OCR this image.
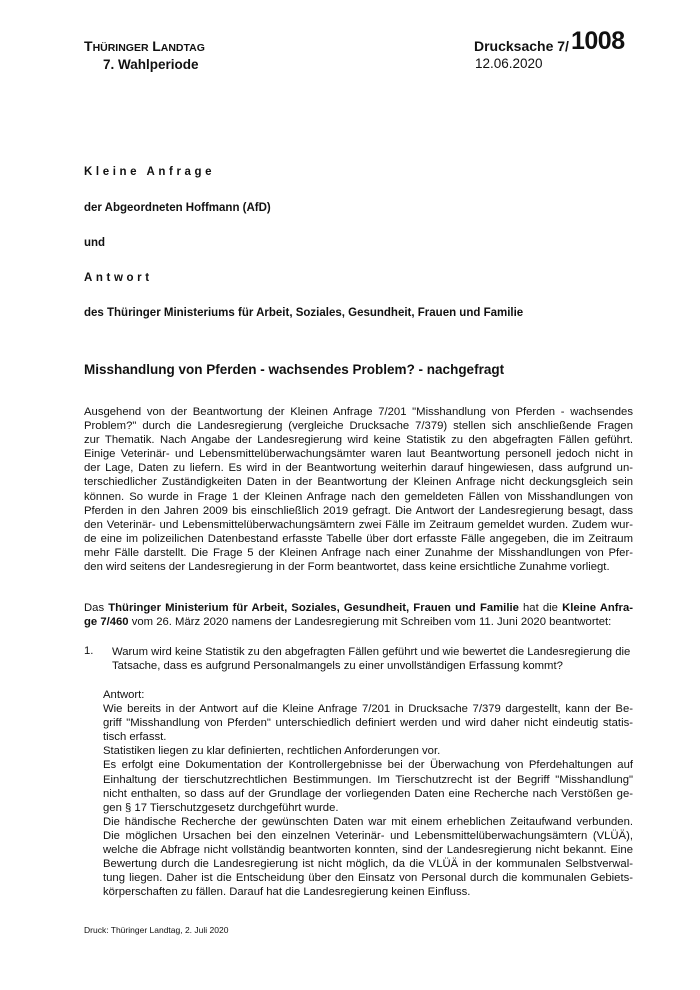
THÜRINGER LANDTAG
7. Wahlperiode
Drucksache 7/ 1008
12.06.2020
Kleine Anfrage
der Abgeordneten Hoffmann (AfD)
und
Antwort
des Thüringer Ministeriums für Arbeit, Soziales, Gesundheit, Frauen und Familie
Misshandlung von Pferden - wachsendes Problem? - nachgefragt
Ausgehend von der Beantwortung der Kleinen Anfrage 7/201 "Misshandlung von Pferden - wachsendes
Problem?" durch die Landesregierung (vergleiche Drucksache 7/379) stellen sich anschließende Fragen
zur Thematik. Nach Angabe der Landesregierung wird keine Statistik zu den abgefragten Fällen geführt.
Einige Veterinär- und Lebensmittelüberwachungsämter waren laut Beantwortung personell jedoch nicht in
der Lage, Daten zu liefern. Es wird in der Beantwortung weiterhin darauf hingewiesen, dass aufgrund un-
terschiedlicher Zuständigkeiten Daten in der Beantwortung der Kleinen Anfrage nicht deckungsgleich sein
können. So wurde in Frage 1 der Kleinen Anfrage nach den gemeldeten Fällen von Misshandlungen von
Pferden in den Jahren 2009 bis einschließlich 2019 gefragt. Die Antwort der Landesregierung besagt, dass
den Veterinär- und Lebensmittelüberwachungsämtern zwei Fälle im Zeitraum gemeldet wurden. Zudem wur-
de eine im polizeilichen Datenbestand erfasste Tabelle über dort erfasste Fälle angegeben, die im Zeitraum
mehr Fälle darstellt. Die Frage 5 der Kleinen Anfrage nach einer Zunahme der Misshandlungen von Pfer-
den wird seitens der Landesregierung in der Form beantwortet, dass keine ersichtliche Zunahme vorliegt.
Das Thüringer Ministerium für Arbeit, Soziales, Gesundheit, Frauen und Familie hat die Kleine Anfra-
ge 7/460 vom 26. März 2020 namens der Landesregierung mit Schreiben vom 11. Juni 2020 beantwortet:
1. Warum wird keine Statistik zu den abgefragten Fällen geführt und wie bewertet die Landesregierung die
Tatsache, dass es aufgrund Personalmangels zu einer unvollständigen Erfassung kommt?
Antwort:
Wie bereits in der Antwort auf die Kleine Anfrage 7/201 in Drucksache 7/379 dargestellt, kann der Be-
griff "Misshandlung von Pferden" unterschiedlich definiert werden und wird daher nicht eindeutig statis-
tisch erfasst.
Statistiken liegen zu klar definierten, rechtlichen Anforderungen vor.
Es erfolgt eine Dokumentation der Kontrollergebnisse bei der Überwachung von Pferdehaltungen auf
Einhaltung der tierschutzrechtlichen Bestimmungen. Im Tierschutzrecht ist der Begriff "Misshandlung"
nicht enthalten, so dass auf der Grundlage der vorliegenden Daten eine Recherche nach Verstößen ge-
gen § 17 Tierschutzgesetz durchgeführt wurde.
Die händische Recherche der gewünschten Daten war mit einem erheblichen Zeitaufwand verbunden.
Die möglichen Ursachen bei den einzelnen Veterinär- und Lebensmittelüberwachungsämtern (VLÜÄ),
welche die Abfrage nicht vollständig beantworten konnten, sind der Landesregierung nicht bekannt. Eine
Bewertung durch die Landesregierung ist nicht möglich, da die VLÜÄ in der kommunalen Selbstverwal-
tung liegen. Daher ist die Entscheidung über den Einsatz von Personal durch die kommunalen Gebiets-
körperschaften zu fällen. Darauf hat die Landesregierung keinen Einfluss.
Druck: Thüringer Landtag, 2. Juli 2020
